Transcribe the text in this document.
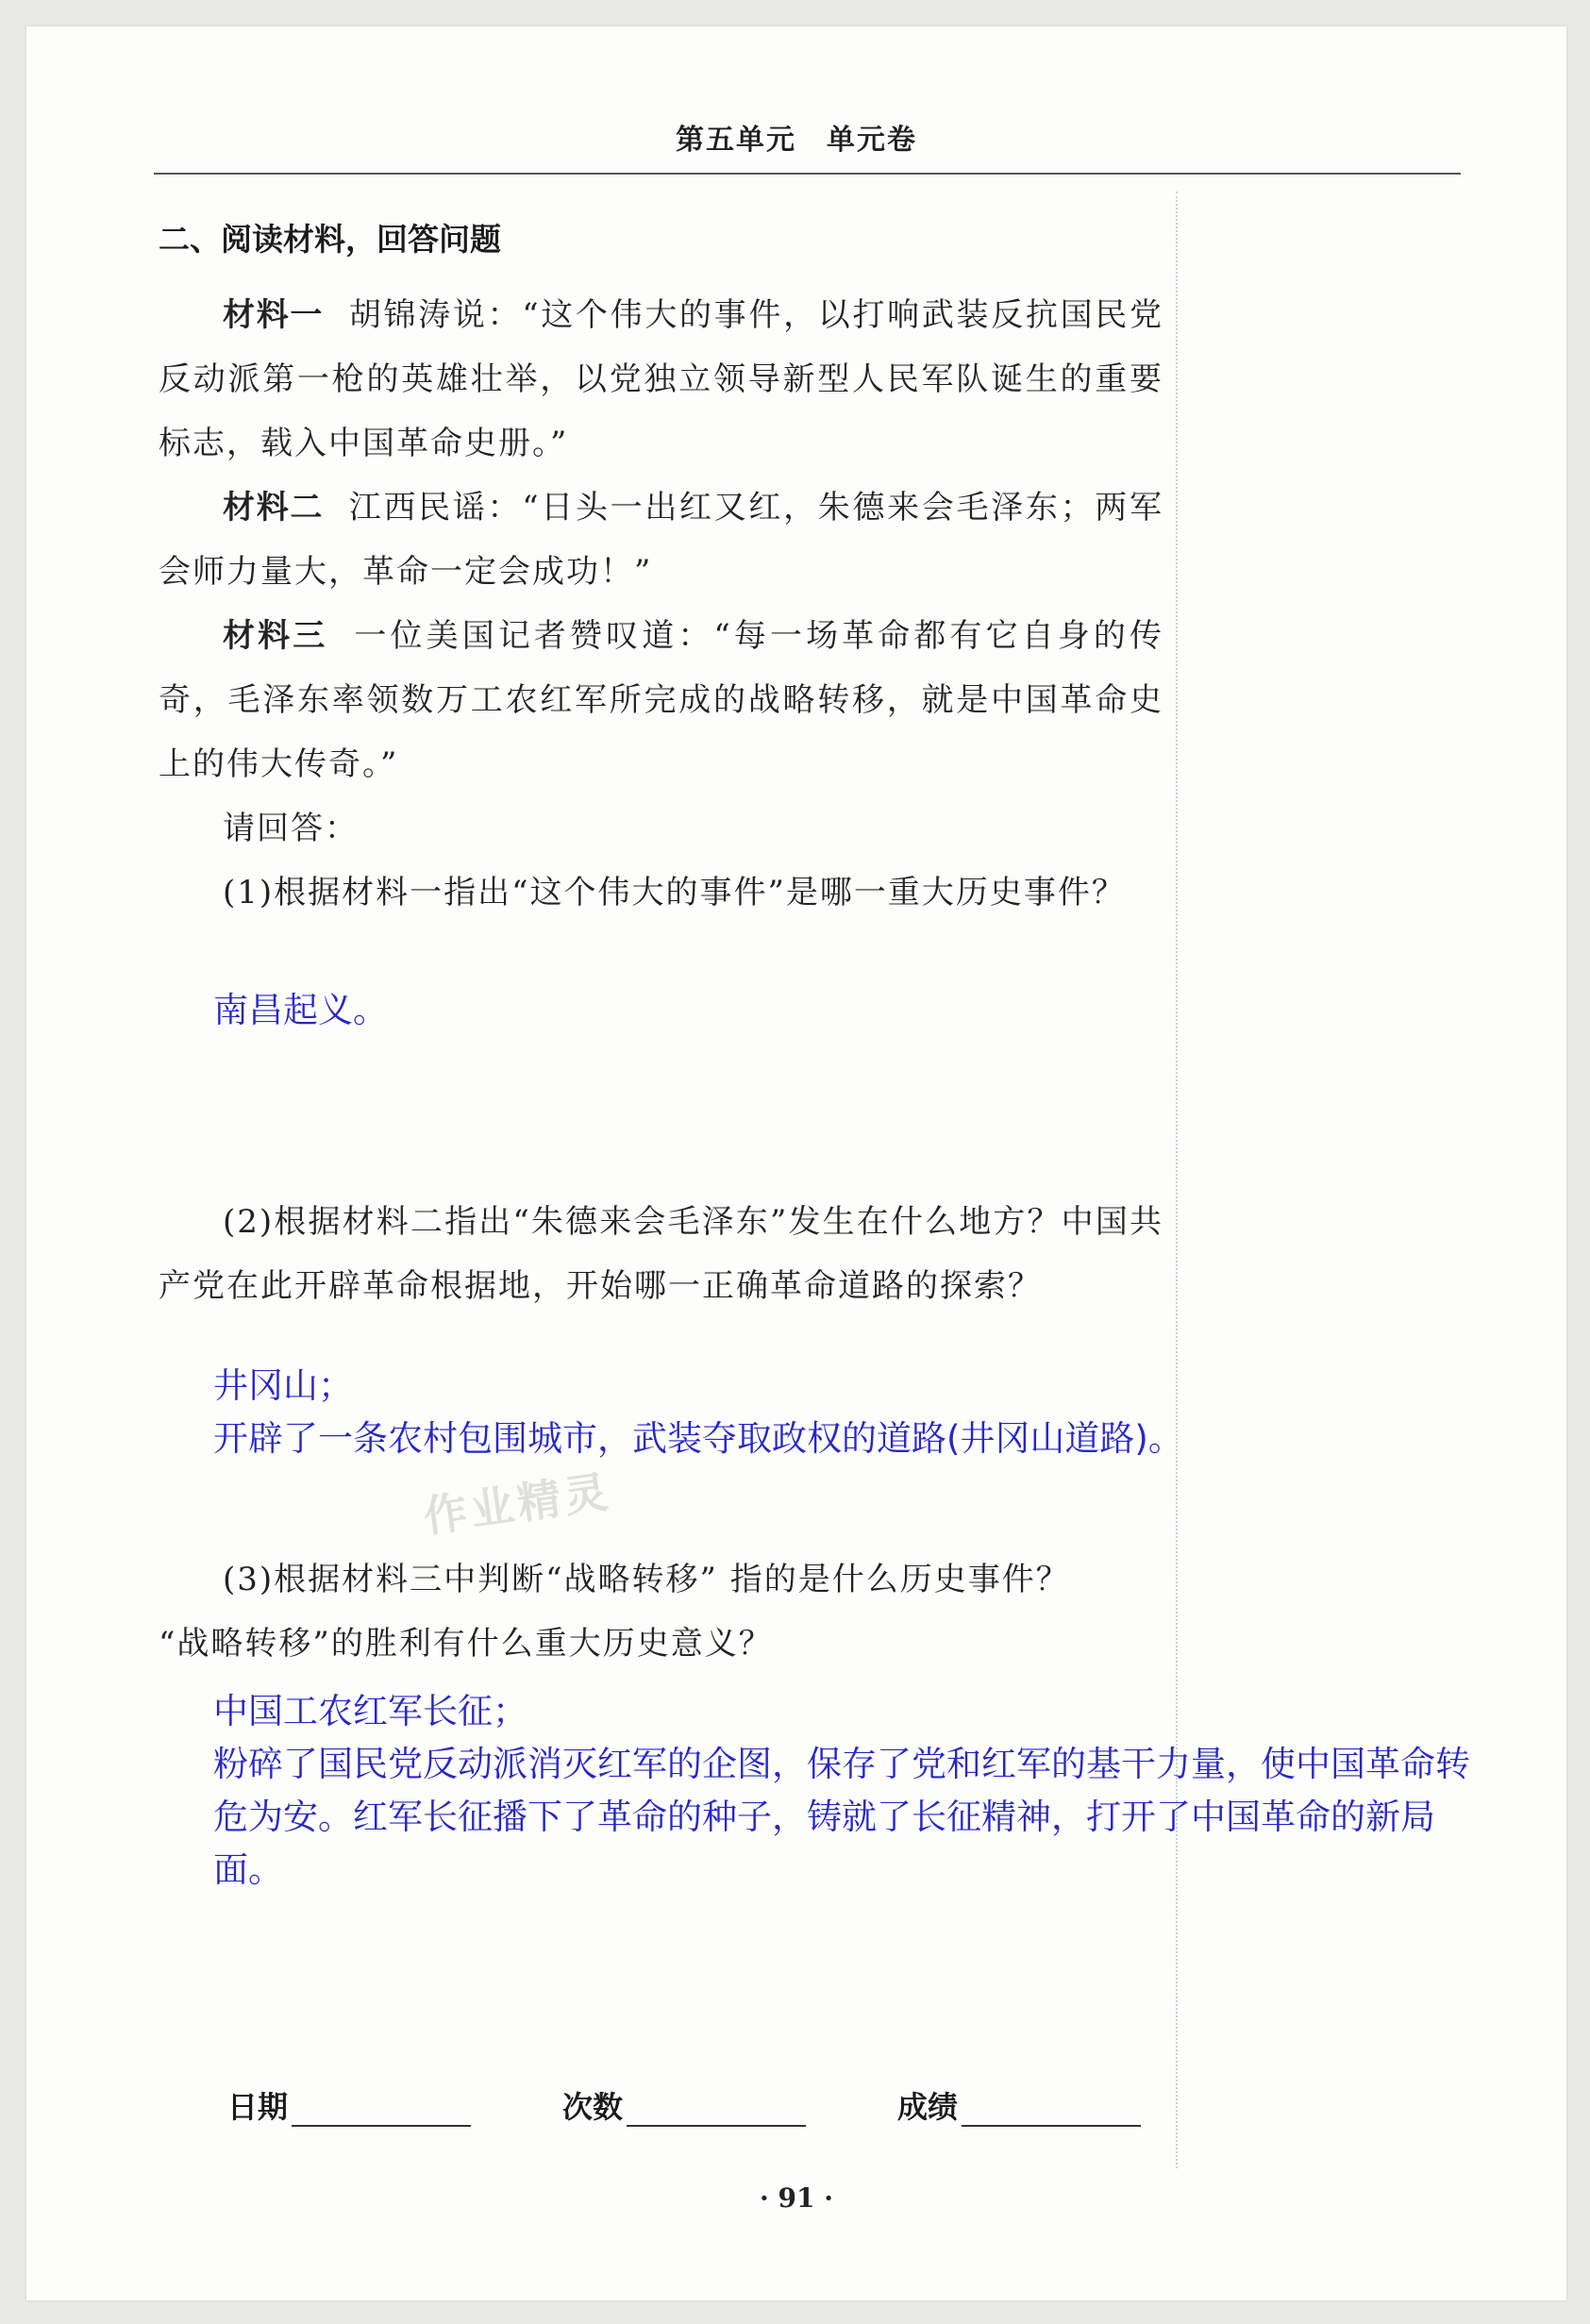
第五单元　单元卷
二、阅读材料，回答问题

材料一 胡锦涛说：“这个伟大的事件，以打响武装反抗国民党反动派第一枪的英雄壮举，以党独立领导新型人民军队诞生的重要标志，载入中国革命史册。”

材料二 江西民谣：“日头一出红又红，朱德来会毛泽东；两军会师力量大，革命一定会成功！”

材料三 一位美国记者赞叹道：“每一场革命都有它自身的传奇，毛泽东率领数万工农红军所完成的战略转移，就是中国革命史上的伟大传奇。”

请回答：

(1)根据材料一指出“这个伟大的事件”是哪一重大历史事件？

南昌起义。

(2)根据材料二指出“朱德来会毛泽东”发生在什么地方？中国共产党在此开辟革命根据地，开始哪一正确革命道路的探索？

井冈山；

开辟了一条农村包围城市，武装夺取政权的道路(井冈山道路)。

作业精灵

(3)根据材料三中判断“战略转移” 指的是什么历史事件？

“战略转移”的胜利有什么重大历史意义？

中国工农红军长征；

粉碎了国民党反动派消灭红军的企图，保存了党和红军的基干力量，使中国革命转危为安。红军长征播下了革命的种子，铸就了长征精神，打开了中国革命的新局面。

日期	次数	成绩
· 91 ·
